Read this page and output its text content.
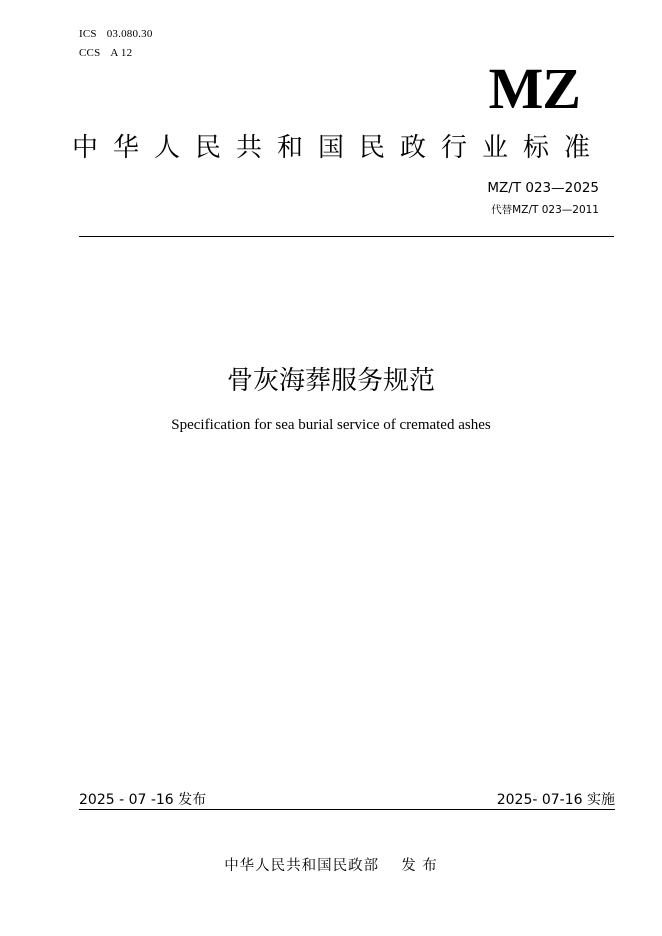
ICS 03.080.30
CCS A 12
MZ
中华人民共和国民政行业标准
MZ/T 023—2025
代替MZ/T 023—2011
骨灰海葬服务规范
Specification for sea burial service of cremated ashes
2025 - 07 -16 发布	2025- 07-16 实施
中华人民共和国民政部 发 布
